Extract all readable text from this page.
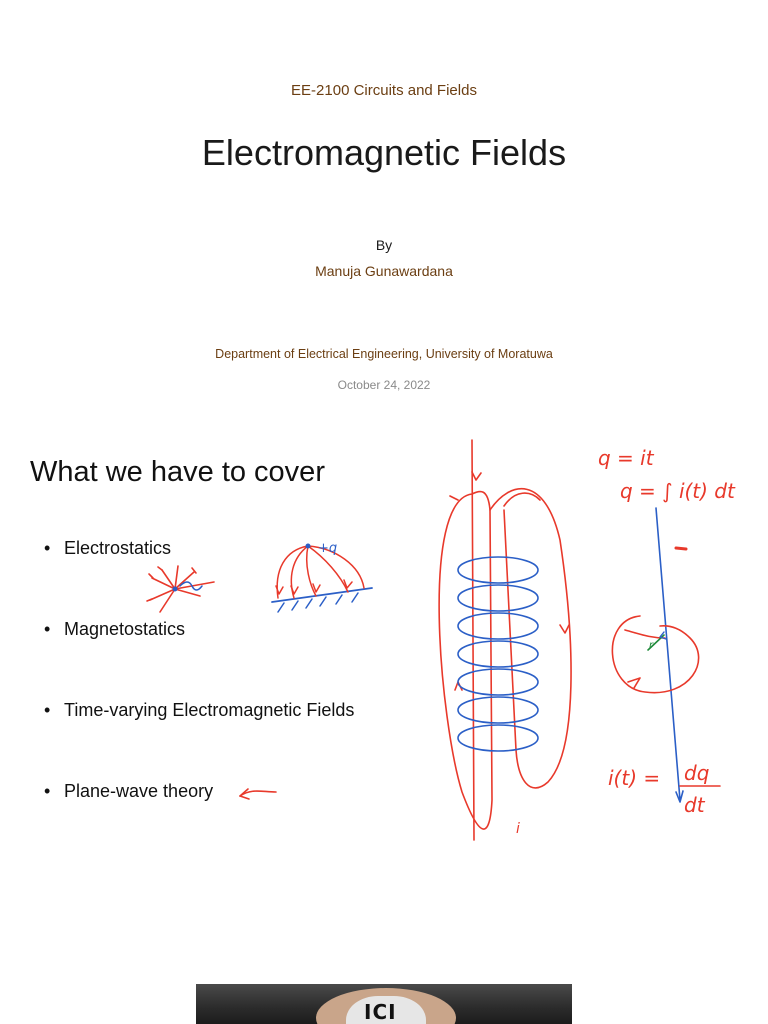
EE-2100 Circuits and Fields
Electromagnetic Fields
By
Manuja Gunawardana
Department of Electrical Engineering, University of Moratuwa
October 24, 2022
What we have to cover
• Electrostatics
• Magnetostatics
• Time-varying Electromagnetic Fields
• Plane-wave theory
+q
i
r
q = it
q = ∫ i(t) dt
i(t) = dq
dt
ICI
